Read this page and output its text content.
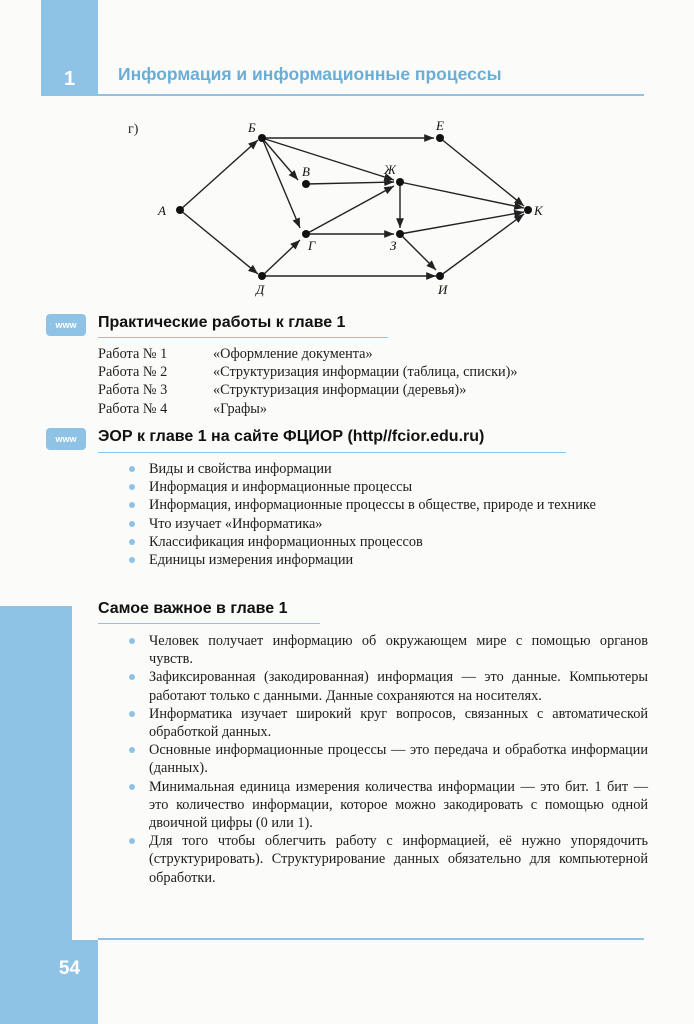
1	Информация и информационные процессы
г)
А
Б
В
Г
Д
Е
Ж
З
И
К
www	Практические работы к главе 1
Работа № 1	«Оформление документа»
Работа № 2	«Структуризация информации (таблица, списки)»
Работа № 3	«Структуризация информации (деревья)»
Работа № 4	«Графы»
www	ЭОР к главе 1 на сайте ФЦИОР (http//fcior.edu.ru)
Виды и свойства информации
Информация и информационные процессы
Информация, информационные процессы в обществе, природе и технике
Что изучает «Информатика»
Классификация информационных процессов
Единицы измерения информации
Самое важное в главе 1
Человек получает информацию об окружающем мире с помощью органов чувств.
Зафиксированная (закодированная) информация — это данные. Компьютеры работают только с данными. Данные сохраняются на носителях.
Информатика изучает широкий круг вопросов, связанных с автоматической обработкой данных.
Основные информационные процессы — это передача и обработка информации (данных).
Минимальная единица измерения количества информации — это бит. 1 бит — это количество информации, которое можно закодировать с помощью одной двоичной цифры (0 или 1).
Для того чтобы облегчить работу с информацией, её нужно упорядочить (структурировать). Структурирование данных обязательно для компьютерной обработки.
54
